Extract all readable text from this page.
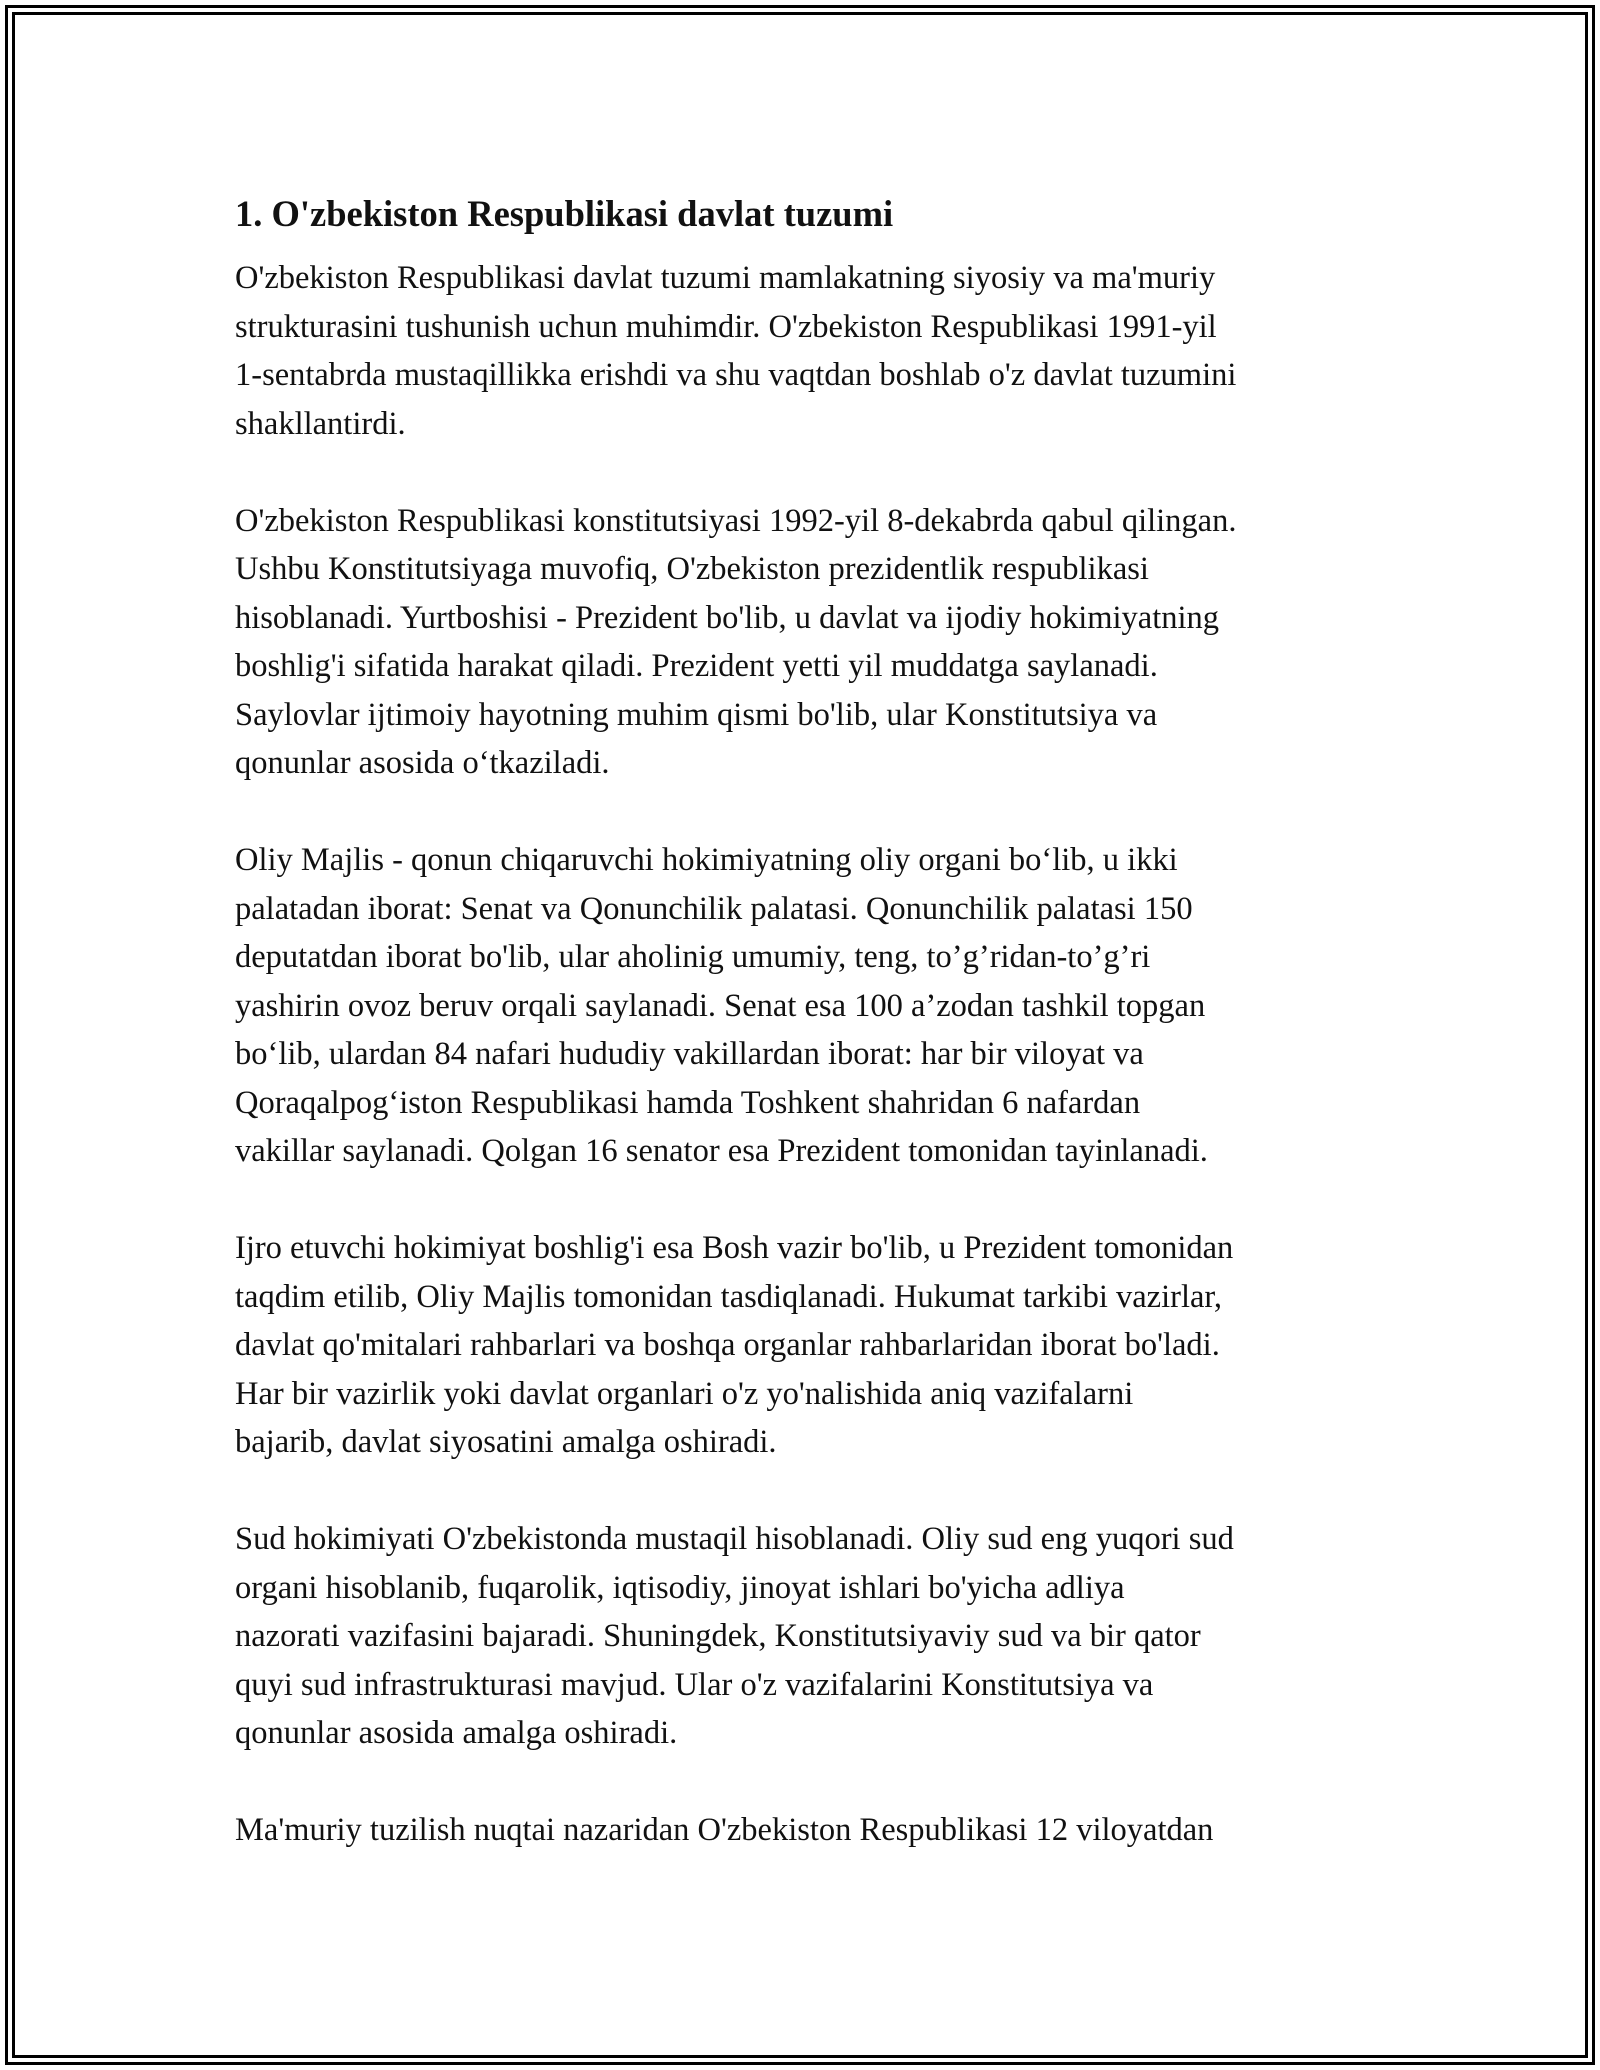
1. O'zbekiston Respublikasi davlat tuzumi

O'zbekiston Respublikasi davlat tuzumi mamlakatning siyosiy va ma'muriy
strukturasini tushunish uchun muhimdir. O'zbekiston Respublikasi 1991-yil
1-sentabrda mustaqillikka erishdi va shu vaqtdan boshlab o'z davlat tuzumini
shakllantirdi.

O'zbekiston Respublikasi konstitutsiyasi 1992-yil 8-dekabrda qabul qilingan.
Ushbu Konstitutsiyaga muvofiq, O'zbekiston prezidentlik respublikasi
hisoblanadi. Yurtboshisi - Prezident bo'lib, u davlat va ijodiy hokimiyatning
boshlig'i sifatida harakat qiladi. Prezident yetti yil muddatga saylanadi.
Saylovlar ijtimoiy hayotning muhim qismi bo'lib, ular Konstitutsiya va
qonunlar asosida o‘tkaziladi.

Oliy Majlis - qonun chiqaruvchi hokimiyatning oliy organi bo‘lib, u ikki
palatadan iborat: Senat va Qonunchilik palatasi. Qonunchilik palatasi 150
deputatdan iborat bo'lib, ular aholinig umumiy, teng, to’g’ridan-to’g’ri
yashirin ovoz beruv orqali saylanadi. Senat esa 100 a’zodan tashkil topgan
bo‘lib, ulardan 84 nafari hududiy vakillardan iborat: har bir viloyat va
Qoraqalpog‘iston Respublikasi hamda Toshkent shahridan 6 nafardan
vakillar saylanadi. Qolgan 16 senator esa Prezident tomonidan tayinlanadi.

Ijro etuvchi hokimiyat boshlig'i esa Bosh vazir bo'lib, u Prezident tomonidan
taqdim etilib, Oliy Majlis tomonidan tasdiqlanadi. Hukumat tarkibi vazirlar,
davlat qo'mitalari rahbarlari va boshqa organlar rahbarlaridan iborat bo'ladi.
Har bir vazirlik yoki davlat organlari o'z yo'nalishida aniq vazifalarni
bajarib, davlat siyosatini amalga oshiradi.

Sud hokimiyati O'zbekistonda mustaqil hisoblanadi. Oliy sud eng yuqori sud
organi hisoblanib, fuqarolik, iqtisodiy, jinoyat ishlari bo'yicha adliya
nazorati vazifasini bajaradi. Shuningdek, Konstitutsiyaviy sud va bir qator
quyi sud infrastrukturasi mavjud. Ular o'z vazifalarini Konstitutsiya va
qonunlar asosida amalga oshiradi.

Ma'muriy tuzilish nuqtai nazaridan O'zbekiston Respublikasi 12 viloyatdan
